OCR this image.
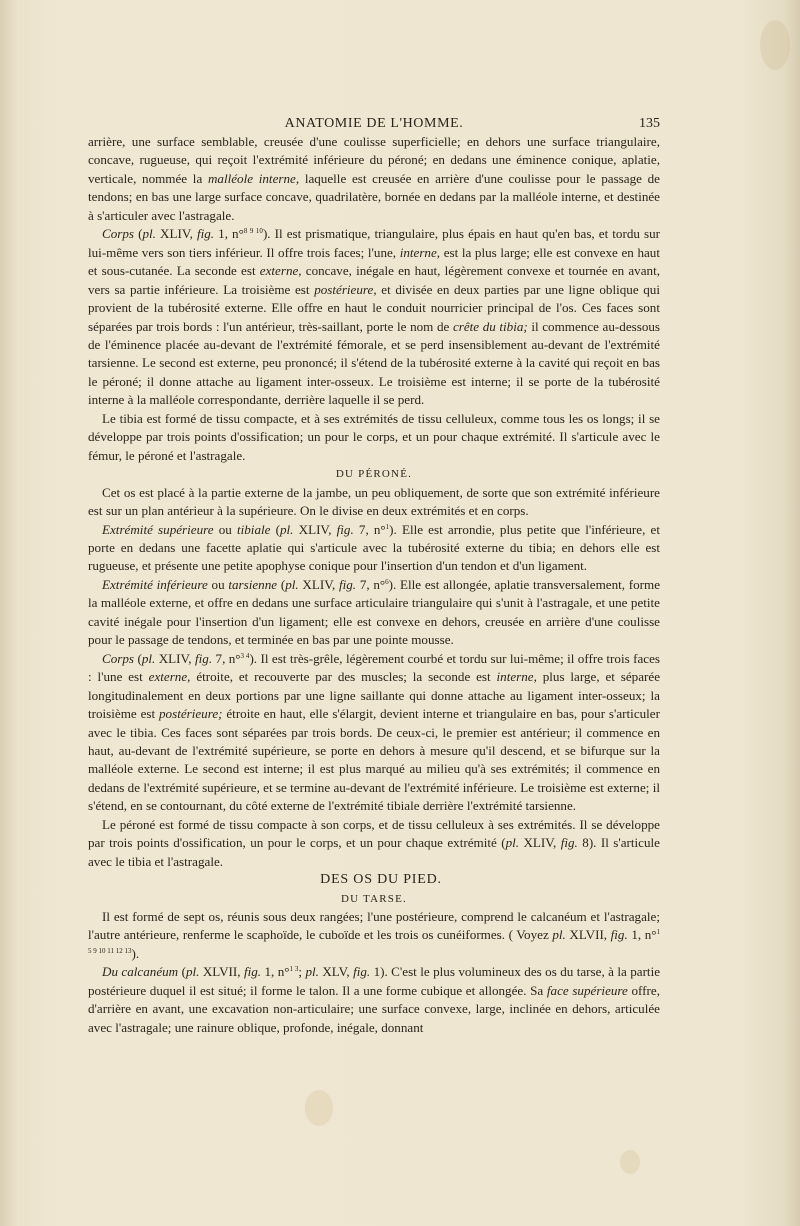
ANATOMIE DE L'HOMME.	135

arrière, une surface semblable, creusée d'une coulisse superficielle; en dehors une surface triangulaire, concave, rugueuse, qui reçoit l'extrémité inférieure du péroné; en dedans une éminence conique, aplatie, verticale, nommée la malléole interne, laquelle est creusée en arrière d'une coulisse pour le passage de tendons; en bas une large surface concave, quadrilatère, bornée en dedans par la malléole interne, et destinée à s'articuler avec l'astragale.

Corps (pl. XLIV, fig. 1, n°$^{8 9 10}$). Il est prismatique, triangulaire, plus épais en haut qu'en bas, et tordu sur lui-même vers son tiers inférieur. Il offre trois faces; l'une, interne, est la plus large; elle est convexe en haut et sous-cutanée. La seconde est externe, concave, inégale en haut, légèrement convexe et tournée en avant, vers sa partie inférieure. La troisième est postérieure, et divisée en deux parties par une ligne oblique qui provient de la tubérosité externe. Elle offre en haut le conduit nourricier principal de l'os. Ces faces sont séparées par trois bords : l'un antérieur, très-saillant, porte le nom de crête du tibia; il commence au-dessous de l'éminence placée au-devant de l'extrémité fémorale, et se perd insensiblement au-devant de l'extrémité tarsienne. Le second est externe, peu prononcé; il s'étend de la tubérosité externe à la cavité qui reçoit en bas le péroné; il donne attache au ligament inter-osseux. Le troisième est interne; il se porte de la tubérosité interne à la malléole correspondante, derrière laquelle il se perd.

Le tibia est formé de tissu compacte, et à ses extrémités de tissu celluleux, comme tous les os longs; il se développe par trois points d'ossification; un pour le corps, et un pour chaque extrémité. Il s'articule avec le fémur, le péroné et l'astragale.

DU PÉRONÉ.

Cet os est placé à la partie externe de la jambe, un peu obliquement, de sorte que son extrémité inférieure est sur un plan antérieur à la supérieure. On le divise en deux extrémités et en corps.

Extrémité supérieure ou tibiale (pl. XLIV, fig. 7, n°$^1$). Elle est arrondie, plus petite que l'inférieure, et porte en dedans une facette aplatie qui s'articule avec la tubérosité externe du tibia; en dehors elle est rugueuse, et présente une petite apophyse conique pour l'insertion d'un tendon et d'un ligament.

Extrémité inférieure ou tarsienne (pl. XLIV, fig. 7, n°$^6$). Elle est allongée, aplatie transversalement, forme la malléole externe, et offre en dedans une surface articulaire triangulaire qui s'unit à l'astragale, et une petite cavité inégale pour l'insertion d'un ligament; elle est convexe en dehors, creusée en arrière d'une coulisse pour le passage de tendons, et terminée en bas par une pointe mousse.

Corps (pl. XLIV, fig. 7, n°$^{3 4}$). Il est très-grêle, légèrement courbé et tordu sur lui-même; il offre trois faces : l'une est externe, étroite, et recouverte par des muscles; la seconde est interne, plus large, et séparée longitudinalement en deux portions par une ligne saillante qui donne attache au ligament inter-osseux; la troisième est postérieure; étroite en haut, elle s'élargit, devient interne et triangulaire en bas, pour s'articuler avec le tibia. Ces faces sont séparées par trois bords. De ceux-ci, le premier est antérieur; il commence en haut, au-devant de l'extrémité supérieure, se porte en dehors à mesure qu'il descend, et se bifurque sur la malléole externe. Le second est interne; il est plus marqué au milieu qu'à ses extrémités; il commence en dedans de l'extrémité supérieure, et se termine au-devant de l'extrémité inférieure. Le troisième est externe; il s'étend, en se contournant, du côté externe de l'extrémité tibiale derrière l'extrémité tarsienne.

Le péroné est formé de tissu compacte à son corps, et de tissu celluleux à ses extrémités. Il se développe par trois points d'ossification, un pour le corps, et un pour chaque extrémité (pl. XLIV, fig. 8). Il s'articule avec le tibia et l'astragale.

DES OS DU PIED.

DU TARSE.

Il est formé de sept os, réunis sous deux rangées; l'une postérieure, comprend le calcanéum et l'astragale; l'autre antérieure, renferme le scaphoïde, le cuboïde et les trois os cunéiformes. ( Voyez pl. XLVII, fig. 1, n°$^{1 5 9 10 11 12 13}$).

Du calcanéum (pl. XLVII, fig. 1, n°$^{1 3}$; pl. XLV, fig. 1). C'est le plus volumineux des os du tarse, à la partie postérieure duquel il est situé; il forme le talon. Il a une forme cubique et allongée. Sa face supérieure offre, d'arrière en avant, une excavation non-articulaire; une surface convexe, large, inclinée en dehors, articulée avec l'astragale; une rainure oblique, profonde, inégale, donnant
